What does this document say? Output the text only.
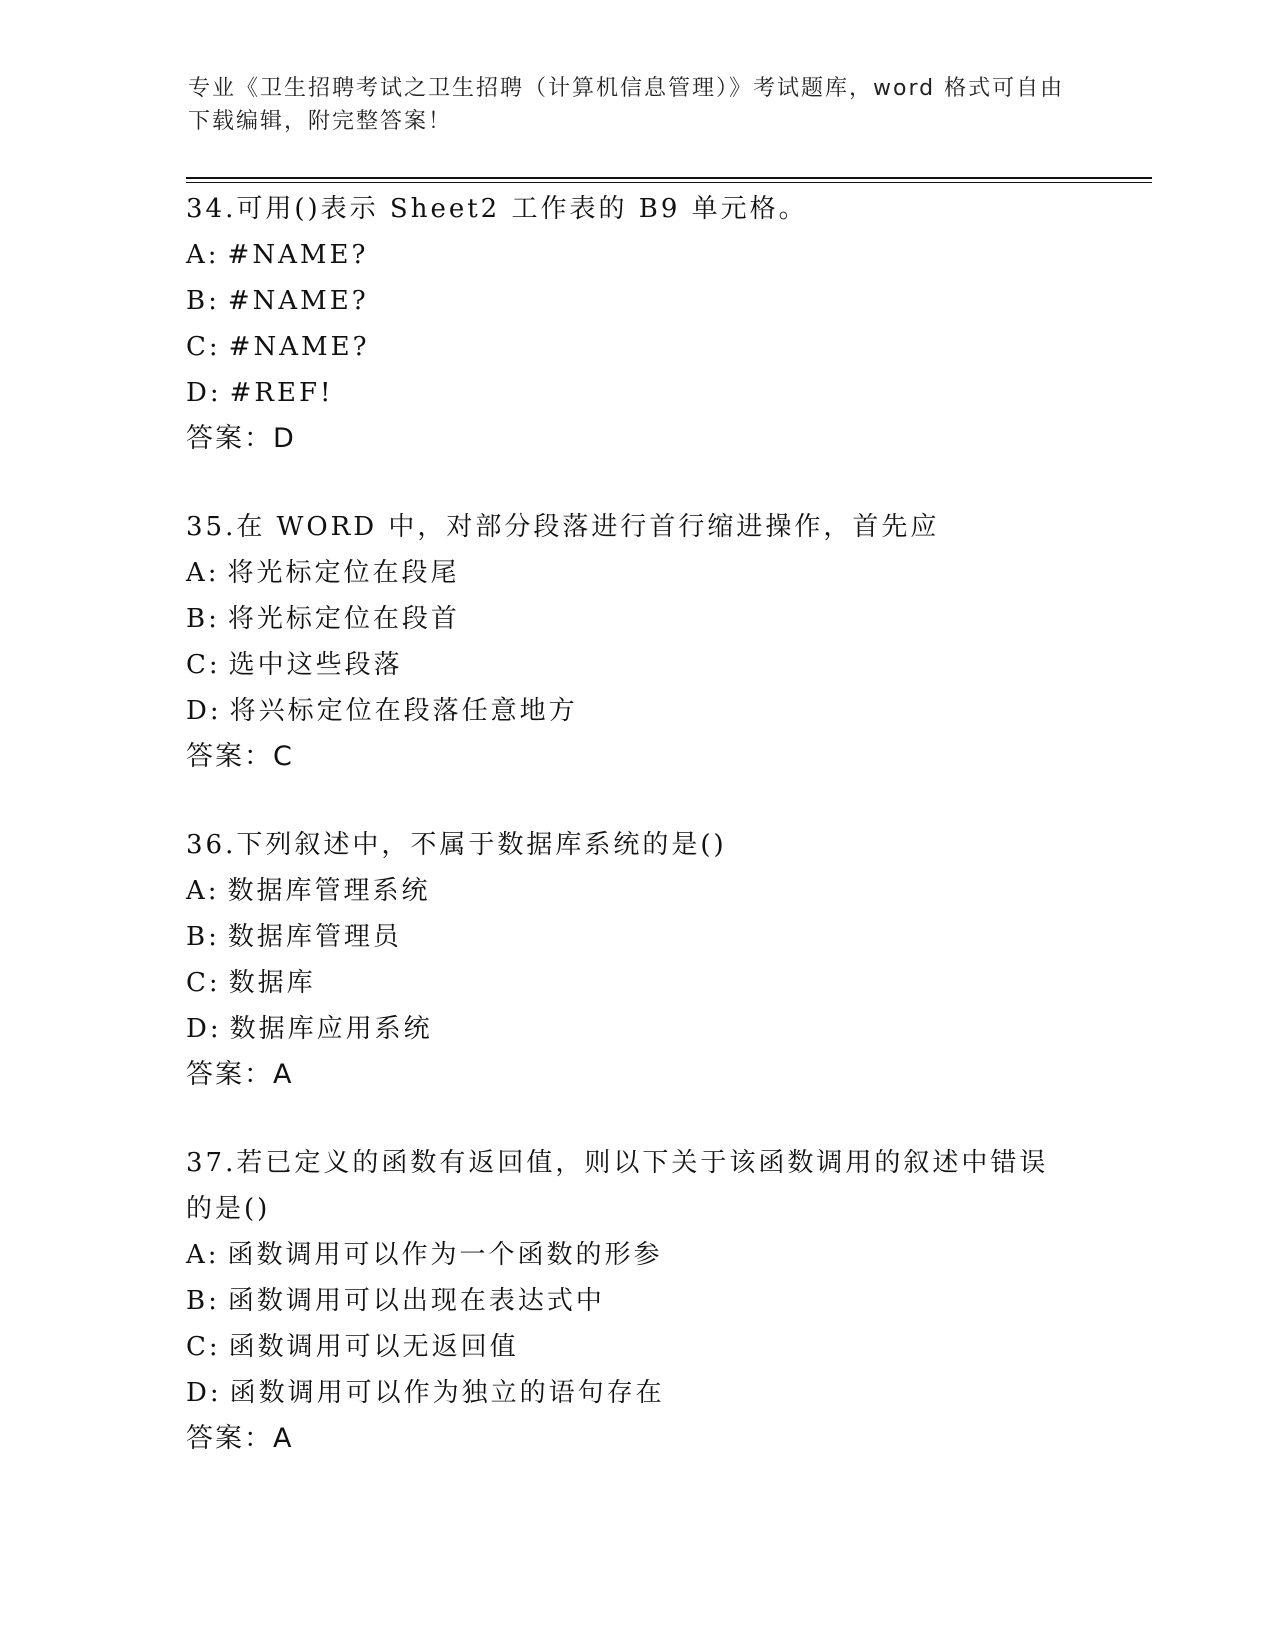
专业《卫生招聘考试之卫生招聘（计算机信息管理）》考试题库，word 格式可自由下载编辑，附完整答案！
34.可用()表示 Sheet2 工作表的 B9 单元格。
A: #NAME?
B: #NAME?
C: #NAME?
D: #REF!
答案：D
35.在 WORD 中，对部分段落进行首行缩进操作，首先应
A: 将光标定位在段尾
B: 将光标定位在段首
C: 选中这些段落
D: 将兴标定位在段落任意地方
答案：C
36.下列叙述中，不属于数据库系统的是()
A: 数据库管理系统
B: 数据库管理员
C: 数据库
D: 数据库应用系统
答案：A
37.若已定义的函数有返回值，则以下关于该函数调用的叙述中错误的是()
A: 函数调用可以作为一个函数的形参
B: 函数调用可以出现在表达式中
C: 函数调用可以无返回值
D: 函数调用可以作为独立的语句存在
答案：A
